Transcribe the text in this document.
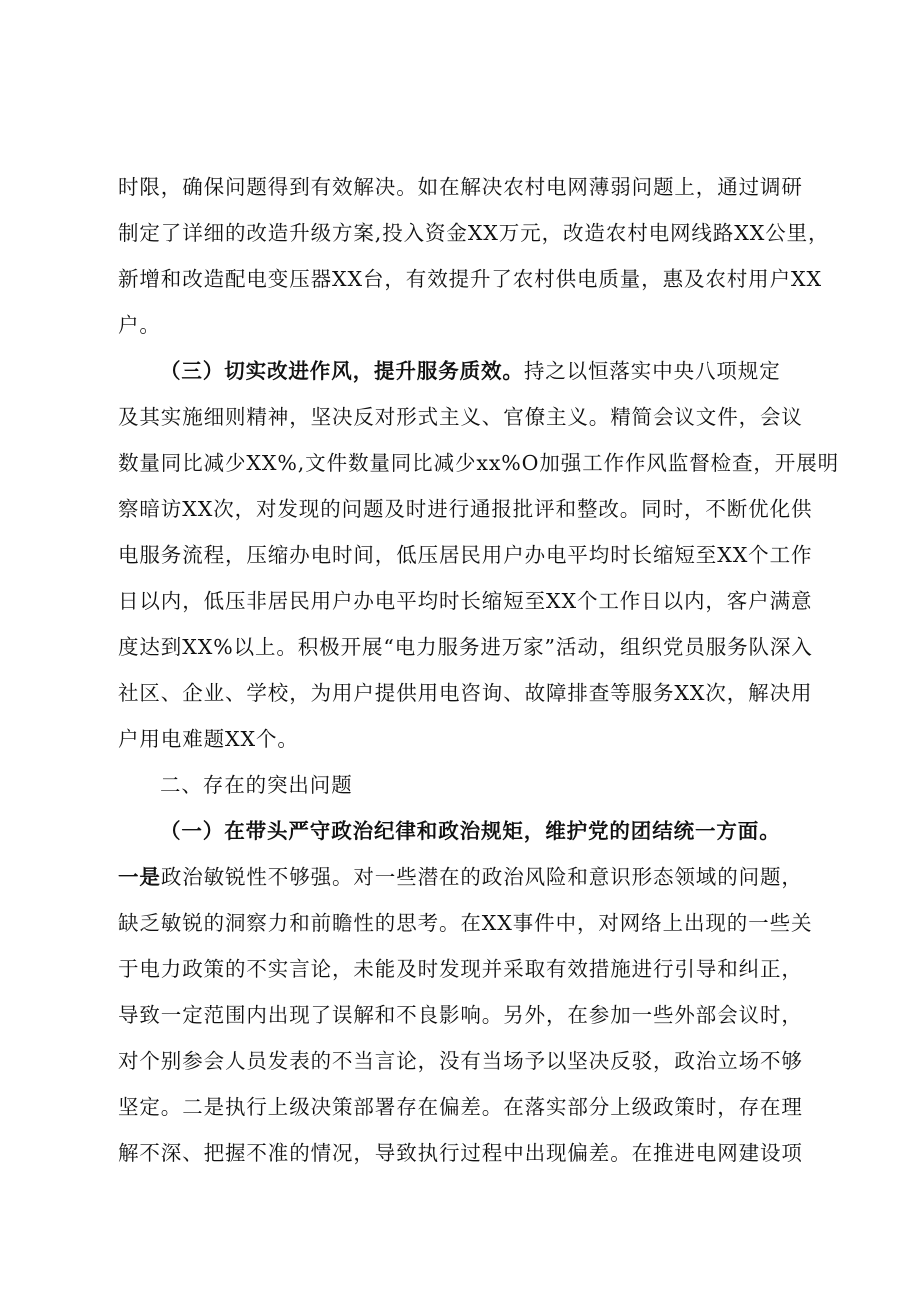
时限，确保问题得到有效解决。如在解决农村电网薄弱问题上，通过调研
制定了详细的改造升级方案,投入资金XX万元，改造农村电网线路XX公里，
新增和改造配电变压器XX台，有效提升了农村供电质量，惠及农村用户XX
户。
（三）切实改进作风，提升服务质效。持之以恒落实中央八项规定
及其实施细则精神，坚决反对形式主义、官僚主义。精简会议文件，会议
数量同比减少XX%,文件数量同比减少xx%O加强工作作风监督检查，开展明
察暗访XX次，对发现的问题及时进行通报批评和整改。同时，不断优化供
电服务流程，压缩办电时间，低压居民用户办电平均时长缩短至XX个工作
日以内，低压非居民用户办电平均时长缩短至XX个工作日以内，客户满意
度达到XX%以上。积极开展“电力服务进万家”活动，组织党员服务队深入
社区、企业、学校，为用户提供用电咨询、故障排查等服务XX次，解决用
户用电难题XX个。
二、存在的突出问题
（一）在带头严守政治纪律和政治规矩，维护党的团结统一方面。
一是政治敏锐性不够强。对一些潜在的政治风险和意识形态领域的问题，
缺乏敏锐的洞察力和前瞻性的思考。在XX事件中，对网络上出现的一些关
于电力政策的不实言论，未能及时发现并采取有效措施进行引导和纠正，
导致一定范围内出现了误解和不良影响。另外，在参加一些外部会议时，
对个别参会人员发表的不当言论，没有当场予以坚决反驳，政治立场不够
坚定。二是执行上级决策部署存在偏差。在落实部分上级政策时，存在理
解不深、把握不准的情况，导致执行过程中出现偏差。在推进电网建设项
